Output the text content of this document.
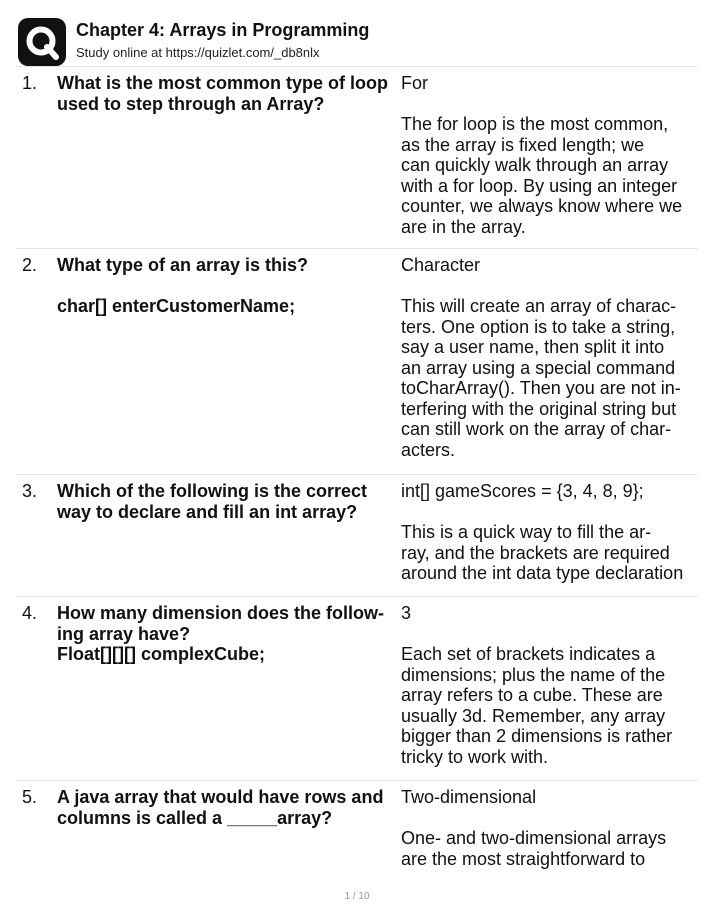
Chapter 4: Arrays in Programming
Study online at https://quizlet.com/_db8nlx
1. What is the most common type of loop
used to step through an Array?
For

The for loop is the most common,
as the array is fixed length; we
can quickly walk through an array
with a for loop. By using an integer
counter, we always know where we
are in the array.
2. What type of an array is this?

char[] enterCustomerName;
Character

This will create an array of charac-
ters. One option is to take a string,
say a user name, then split it into
an array using a special command
toCharArray(). Then you are not in-
terfering with the original string but
can still work on the array of char-
acters.
3. Which of the following is the correct
way to declare and fill an int array?
int[] gameScores = {3, 4, 8, 9};

This is a quick way to fill the ar-
ray, and the brackets are required
around the int data type declaration
4. How many dimension does the follow-
ing array have?
Float[][][] complexCube;
3

Each set of brackets indicates a
dimensions; plus the name of the
array refers to a cube. These are
usually 3d. Remember, any array
bigger than 2 dimensions is rather
tricky to work with.
5. A java array that would have rows and
columns is called a _____array?
Two-dimensional

One- and two-dimensional arrays
are the most straightforward to
1 / 10
